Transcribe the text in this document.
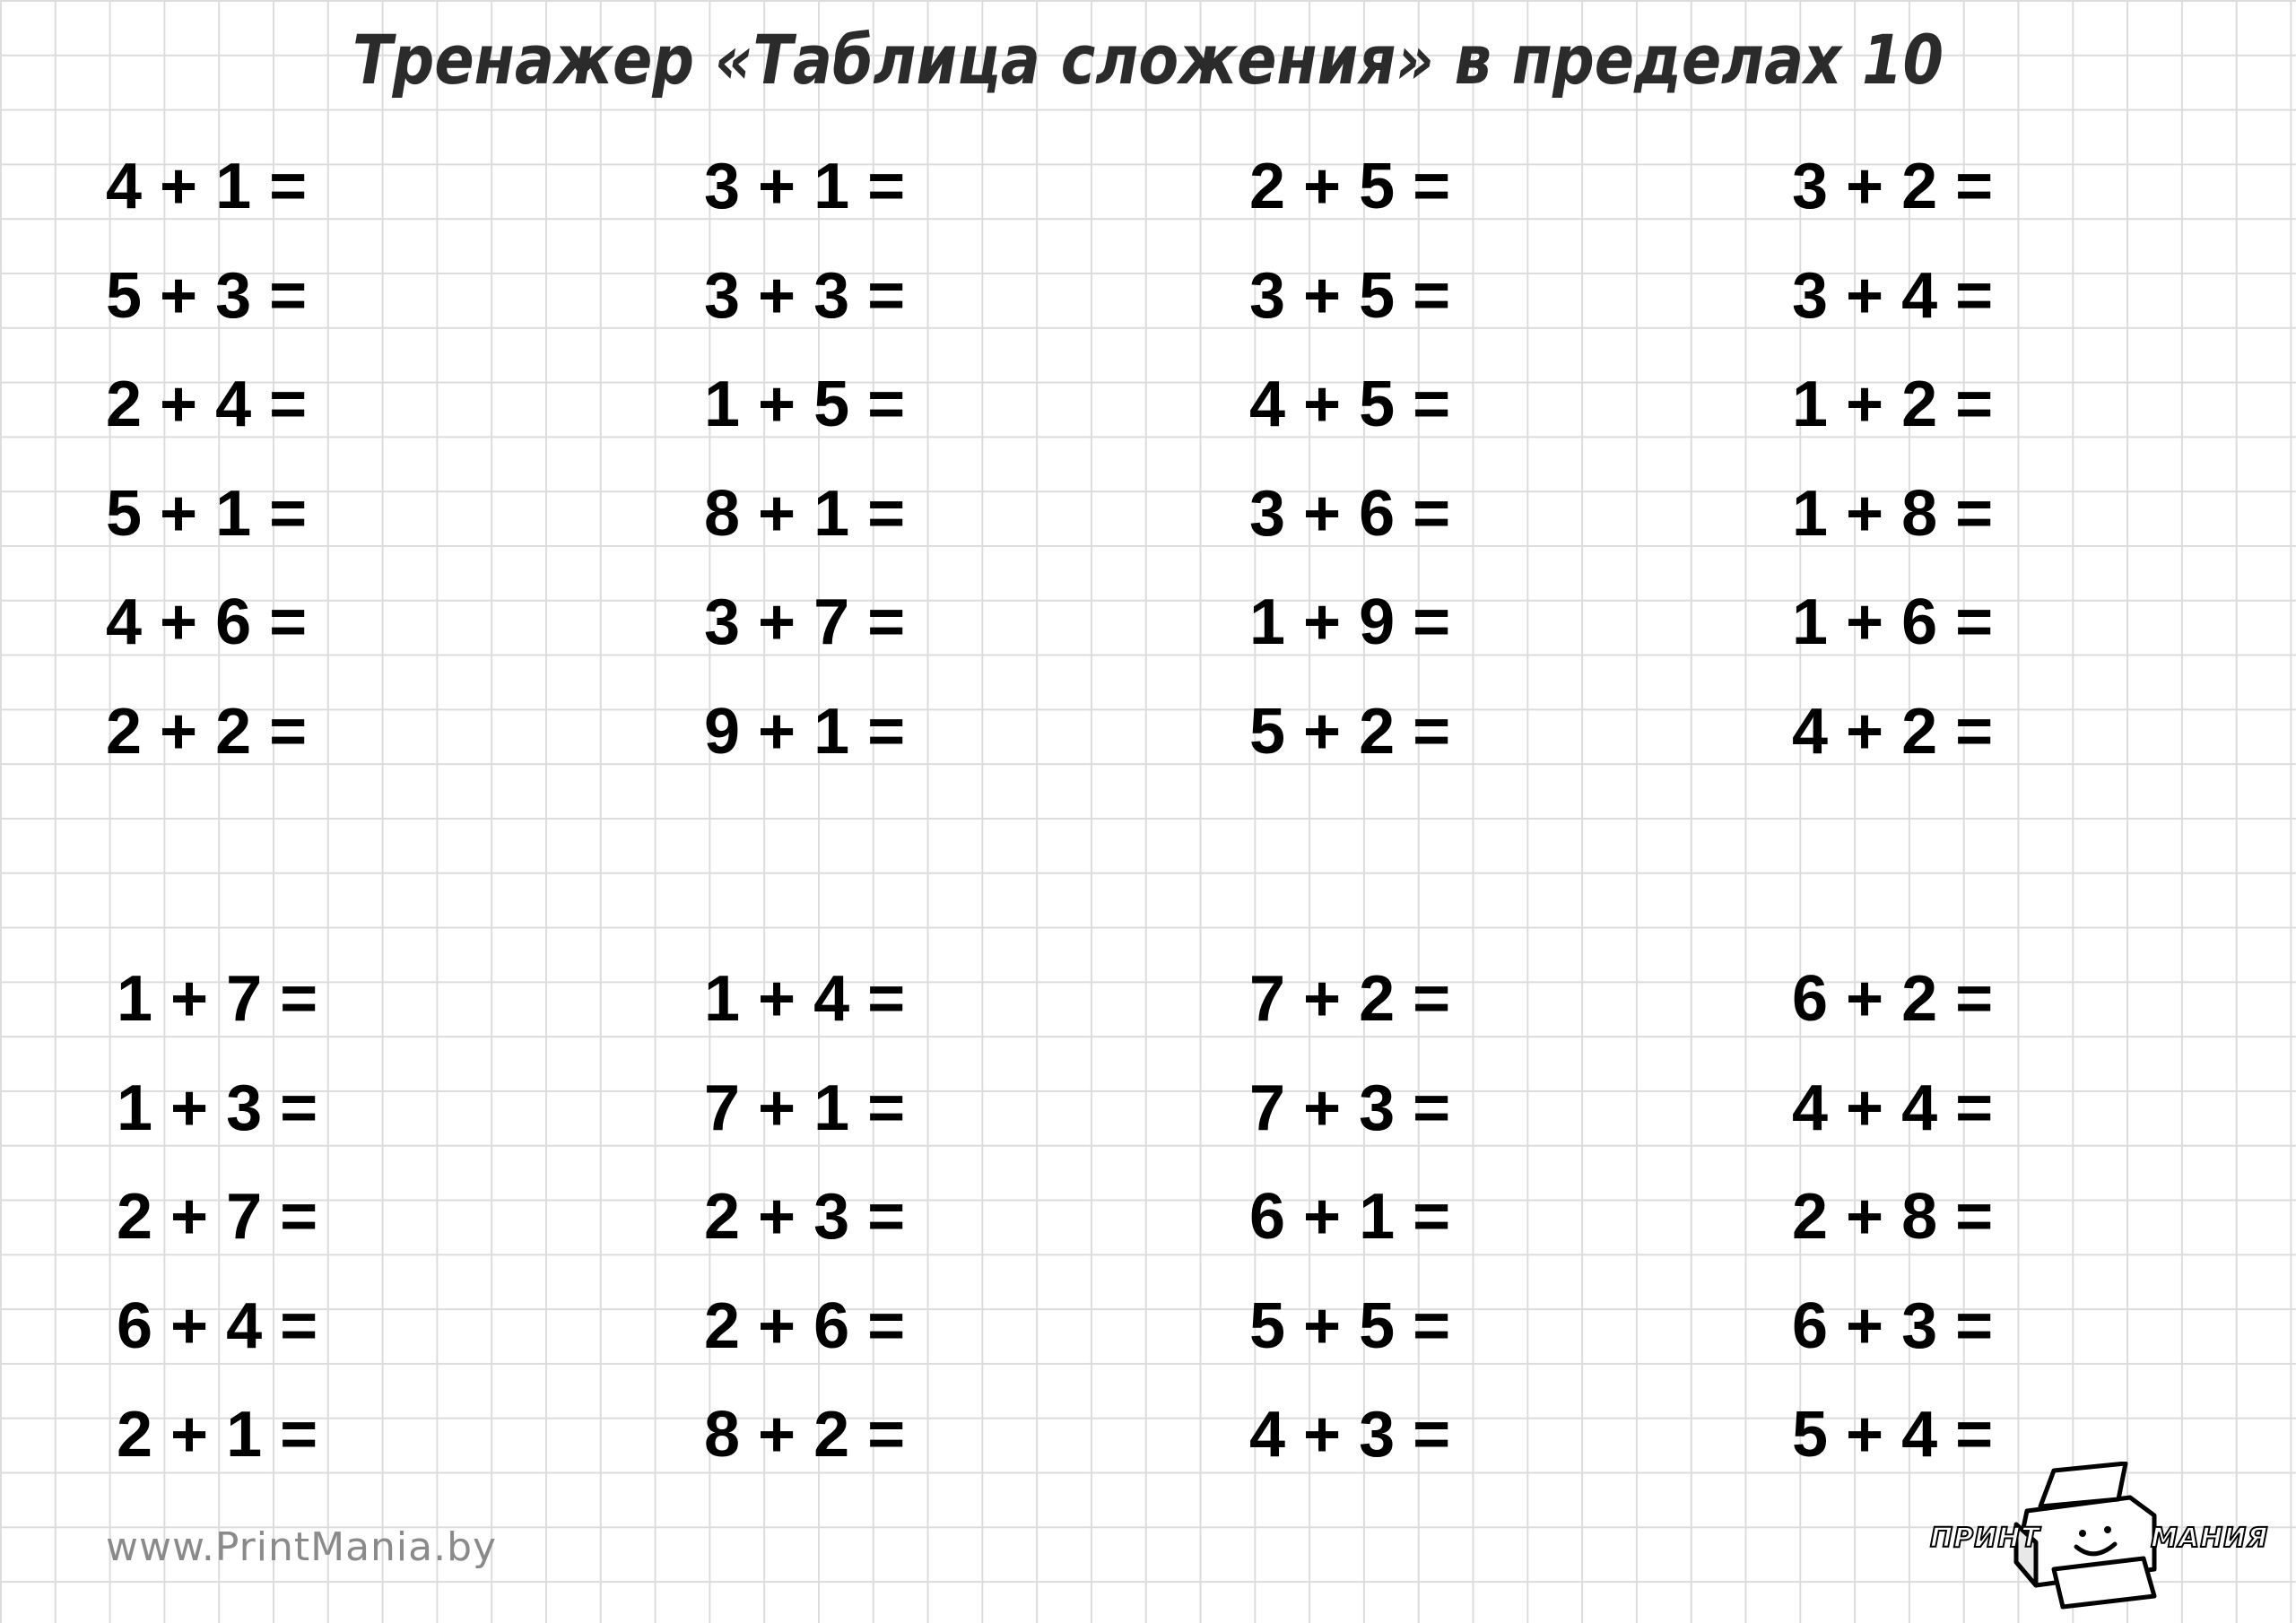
Тренажер «Таблица сложения» в пределах 10
4 + 1 =
5 + 3 =
2 + 4 =
5 + 1 =
4 + 6 =
2 + 2 =
3 + 1 =
3 + 3 =
1 + 5 =
8 + 1 =
3 + 7 =
9 + 1 =
2 + 5 =
3 + 5 =
4 + 5 =
3 + 6 =
1 + 9 =
5 + 2 =
3 + 2 =
3 + 4 =
1 + 2 =
1 + 8 =
1 + 6 =
4 + 2 =
1 + 7 =
1 + 3 =
2 + 7 =
6 + 4 =
2 + 1 =
1 + 4 =
7 + 1 =
2 + 3 =
2 + 6 =
8 + 2 =
7 + 2 =
7 + 3 =
6 + 1 =
5 + 5 =
4 + 3 =
6 + 2 =
4 + 4 =
2 + 8 =
6 + 3 =
5 + 4 =
www.PrintMania.by	ПРИНТ	МАНИЯ
